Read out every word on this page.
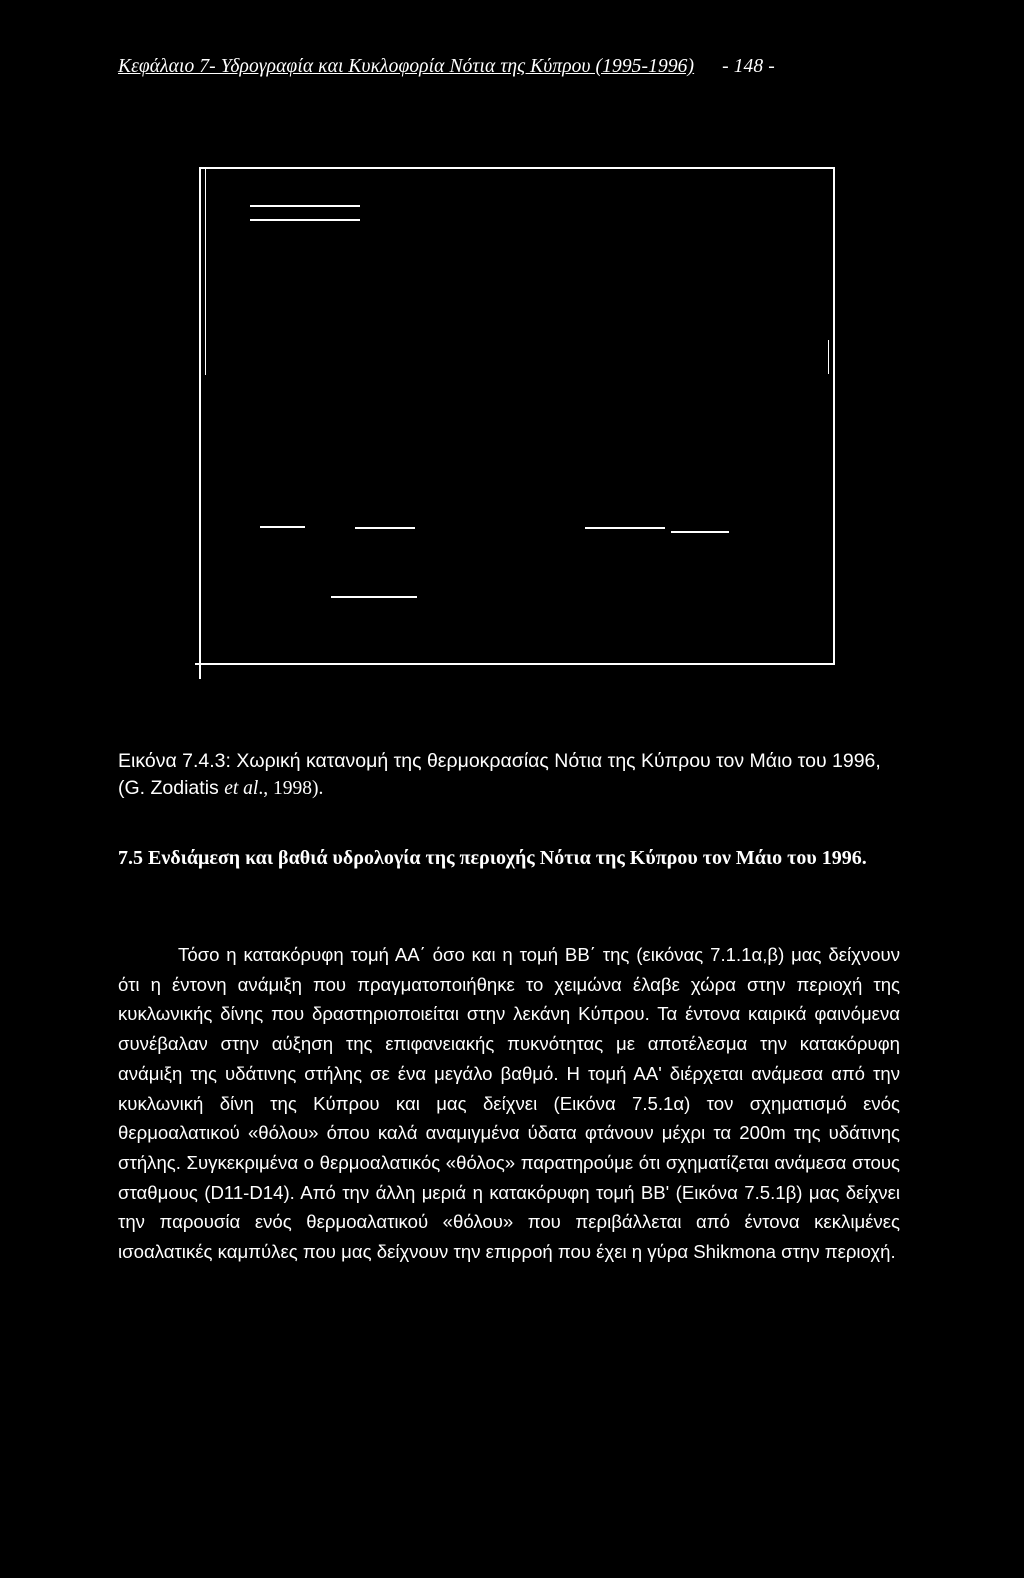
Κεφάλαιο 7- Υδρογραφία και Κυκλοφορία Νότια της Κύπρου (1995-1996) - 148 -
Εικόνα 7.4.3: Χωρική κατανομή της θερμοκρασίας Νότια της Κύπρου τον Μάιο του 1996, (G. Zodiatis et al., 1998).
7.5 Ενδιάμεση και βαθιά υδρολογία της περιοχής Νότια της Κύπρου τον Μάιο του 1996.
Τόσο η κατακόρυφη τομή ΑΑ΄ όσο και η τομή ΒΒ΄ της (εικόνας 7.1.1α,β) μας δείχνουν ότι η έντονη ανάμιξη που πραγματοποιήθηκε το χειμώνα έλαβε χώρα στην περιοχή της κυκλωνικής δίνης που δραστηριοποιείται στην λεκάνη Κύπρου. Τα έντονα καιρικά φαινόμενα συνέβαλαν στην αύξηση της επιφανειακής πυκνότητας με αποτέλεσμα την κατακόρυφη ανάμιξη της υδάτινης στήλης σε ένα μεγάλο βαθμό. Η τομή ΑΑ' διέρχεται ανάμεσα από την κυκλωνική δίνη της Κύπρου και μας δείχνει (Εικόνα 7.5.1α) τον σχηματισμό ενός θερμοαλατικού «θόλου» όπου καλά αναμιγμένα ύδατα φτάνουν μέχρι τα 200m της υδάτινης στήλης. Συγκεκριμένα ο θερμοαλατικός «θόλος» παρατηρούμε ότι σχηματίζεται ανάμεσα στους σταθμους (D11-D14). Από την άλλη μεριά η κατακόρυφη τομή ΒΒ' (Εικόνα 7.5.1β) μας δείχνει την παρουσία ενός θερμοαλατικού «θόλου» που περιβάλλεται από έντονα κεκλιμένες ισοαλατικές καμπύλες που μας δείχνουν την επιρροή που έχει η γύρα Shikmona στην περιοχή.
